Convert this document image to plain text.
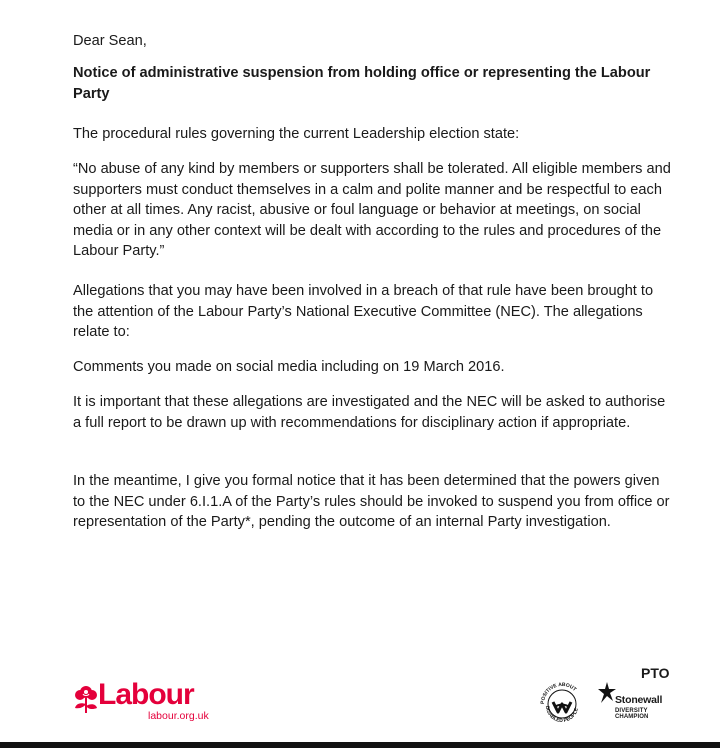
Dear Sean,

Notice of administrative suspension from holding office or representing the Labour Party

The procedural rules governing the current Leadership election state:

“No abuse of any kind by members or supporters shall be tolerated. All eligible members and supporters must conduct themselves in a calm and polite manner and be respectful to each other at all times. Any racist, abusive or foul language or behavior at meetings, on social media or in any other context will be dealt with according to the rules and procedures of the Labour Party.”

Allegations that you may have been involved in a breach of that rule have been brought to the attention of the Labour Party’s National Executive Committee (NEC). The allegations relate to:

Comments you made on social media including on 19 March 2016.

It is important that these allegations are investigated and the NEC will be asked to authorise a full report to be drawn up with recommendations for disciplinary action if appropriate.

In the meantime, I give you formal notice that it has been determined that the powers given to the NEC under 6.I.1.A of the Party’s rules should be invoked to suspend you from office or representation of the Party*, pending the outcome of an internal Party investigation.

Labour
labour.org.uk
PTO
POSITIVE ABOUT
DISABLED PEOPLE
Stonewall
DIVERSITY CHAMPION
